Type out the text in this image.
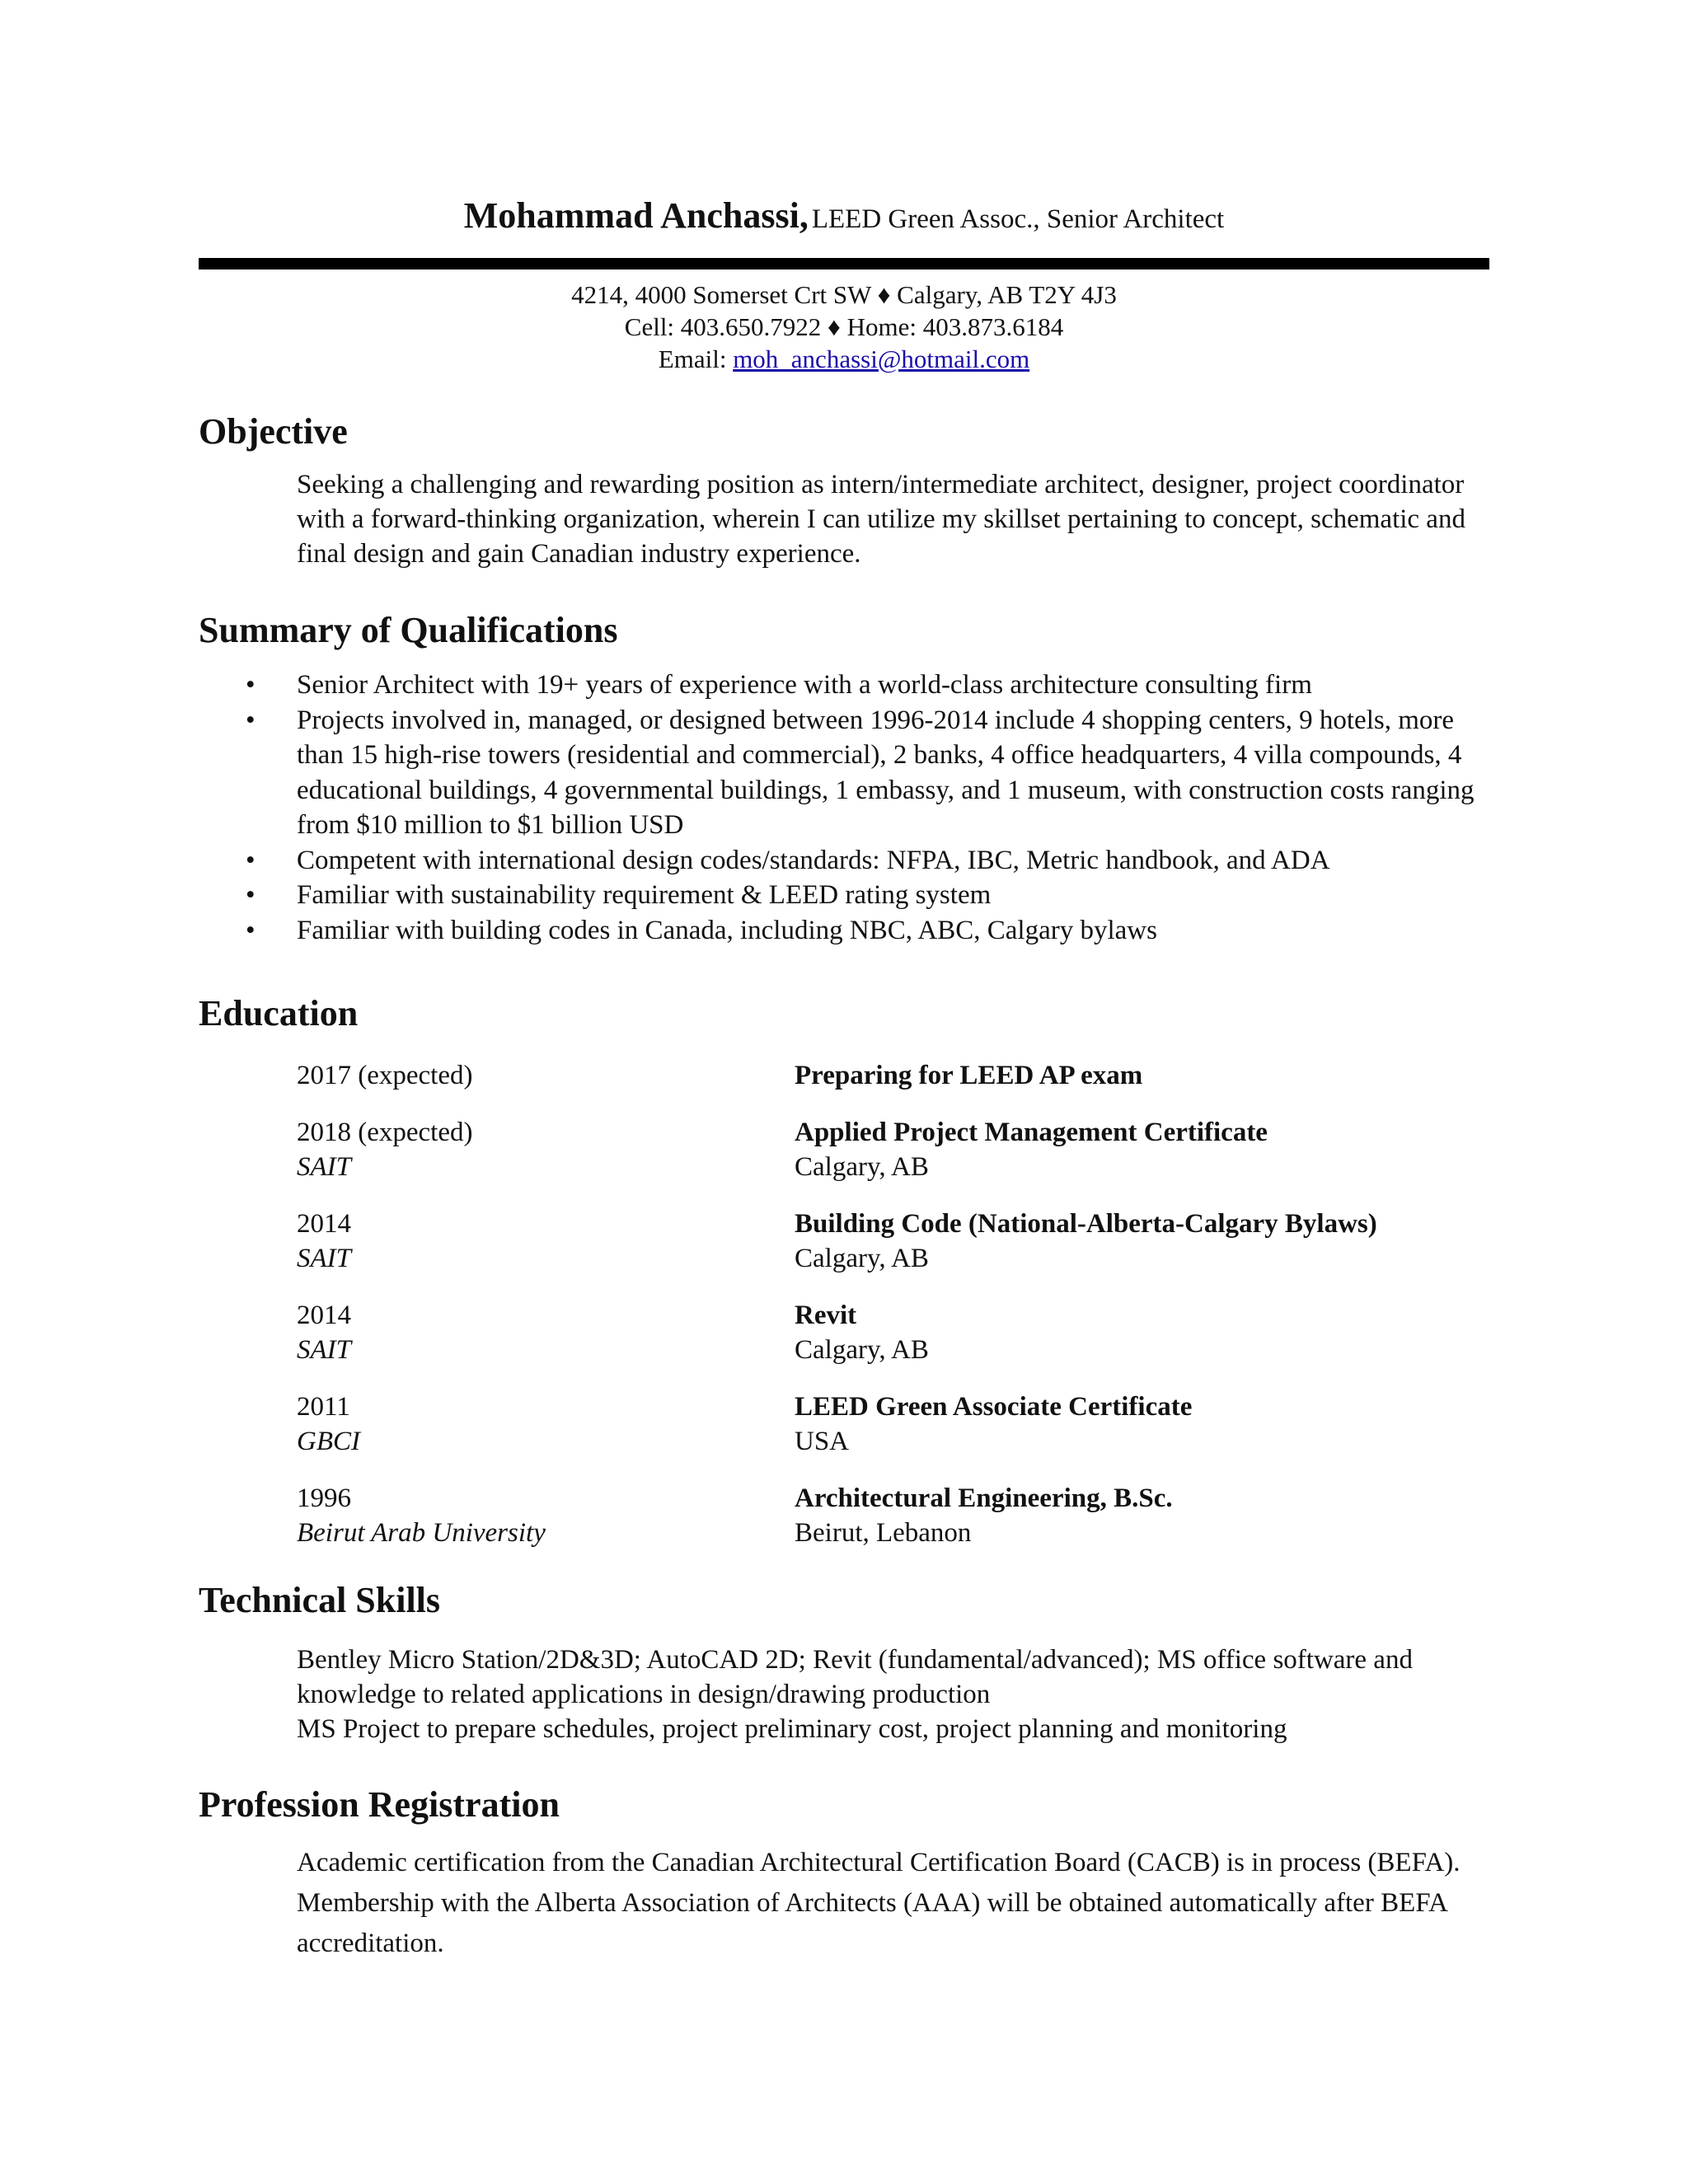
Mohammad Anchassi, LEED Green Assoc., Senior Architect
4214, 4000 Somerset Crt SW ♦ Calgary, AB T2Y 4J3
Cell: 403.650.7922 ♦ Home: 403.873.6184
Email: moh_anchassi@hotmail.com
Objective

Seeking a challenging and rewarding position as intern/intermediate architect, designer, project coordinator with a forward-thinking organization, wherein I can utilize my skillset pertaining to concept, schematic and final design and gain Canadian industry experience.

Summary of Qualifications
• Senior Architect with 19+ years of experience with a world-class architecture consulting firm
• Projects involved in, managed, or designed between 1996-2014 include 4 shopping centers, 9 hotels, more than 15 high-rise towers (residential and commercial), 2 banks, 4 office headquarters, 4 villa compounds, 4 educational buildings, 4 governmental buildings, 1 embassy, and 1 museum, with construction costs ranging from $10 million to $1 billion USD
• Competent with international design codes/standards: NFPA, IBC, Metric handbook, and ADA
• Familiar with sustainability requirement & LEED rating system
• Familiar with building codes in Canada, including NBC, ABC, Calgary bylaws
Education
2017 (expected)	Preparing for LEED AP exam
2018 (expected)
SAIT
Applied Project Management Certificate
Calgary, AB
2014
SAIT
Building Code (National-Alberta-Calgary Bylaws)
Calgary, AB
2014
SAIT
Revit
Calgary, AB
2011
GBCI
LEED Green Associate Certificate
USA
1996
Beirut Arab University
Architectural Engineering, B.Sc.
Beirut, Lebanon
Technical Skills
Bentley Micro Station/2D&3D; AutoCAD 2D; Revit (fundamental/advanced); MS office software and knowledge to related applications in design/drawing production
MS Project to prepare schedules, project preliminary cost, project planning and monitoring
Profession Registration

Academic certification from the Canadian Architectural Certification Board (CACB) is in process (BEFA). Membership with the Alberta Association of Architects (AAA) will be obtained automatically after BEFA accreditation.
